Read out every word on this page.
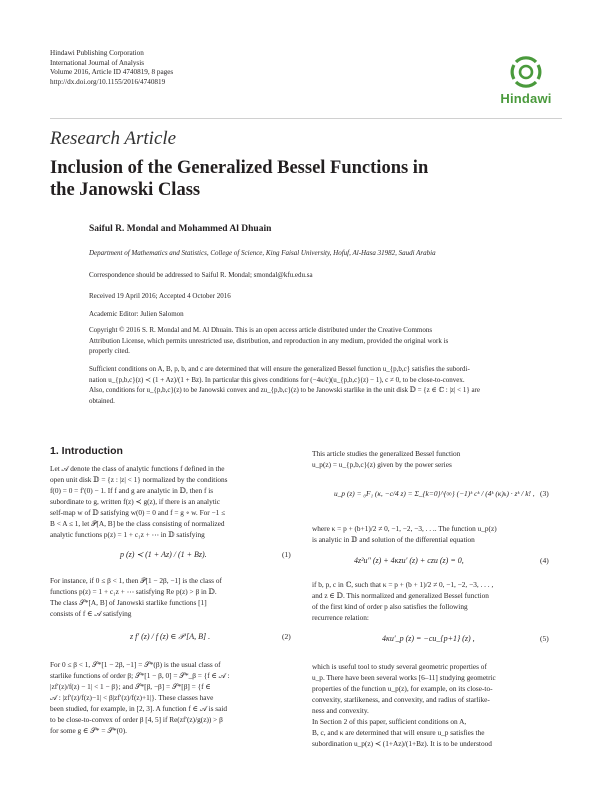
Hindawi Publishing Corporation
International Journal of Analysis
Volume 2016, Article ID 4740819, 8 pages
http://dx.doi.org/10.1155/2016/4740819
Hindawi
Research Article
Inclusion of the Generalized Bessel Functions in
the Janowski Class
Saiful R. Mondal and Mohammed Al Dhuain
Department of Mathematics and Statistics, College of Science, King Faisal University, Hofuf, Al-Hasa 31982, Saudi Arabia
Correspondence should be addressed to Saiful R. Mondal; smondal@kfu.edu.sa
Received 19 April 2016; Accepted 4 October 2016
Academic Editor: Julien Salomon
Copyright © 2016 S. R. Mondal and M. Al Dhuain. This is an open access article distributed under the Creative Commons
Attribution License, which permits unrestricted use, distribution, and reproduction in any medium, provided the original work is
properly cited.
Sufficient conditions on A, B, p, b, and c are determined that will ensure the generalized Bessel function u_{p,b,c} satisfies the subordi-
nation u_{p,b,c}(z) ≺ (1 + Az)/(1 + Bz). In particular this gives conditions for (−4κ/c)(u_{p,b,c}(z) − 1), c ≠ 0, to be close-to-convex.
Also, conditions for u_{p,b,c}(z) to be Janowski convex and zu_{p,b,c}(z) to be Janowski starlike in the unit disk 𝔻 = {z ∈ ℂ : |z| < 1} are
obtained.
1. Introduction
Let 𝒜 denote the class of analytic functions f defined in the
open unit disk 𝔻 = {z : |z| < 1} normalized by the conditions
f(0) = 0 = f′(0) − 1. If f and g are analytic in 𝔻, then f is
subordinate to g, written f(z) ≺ g(z), if there is an analytic
self-map w of 𝔻 satisfying w(0) = 0 and f = g ∘ w. For −1 ≤
B < A ≤ 1, let 𝒫[A, B] be the class consisting of normalized
analytic functions p(z) = 1 + c₁z + ⋯ in 𝔻 satisfying
p (z) ≺ (1 + Az) / (1 + Bz).	(1)
For instance, if 0 ≤ β < 1, then 𝒫[1 − 2β, −1] is the class of
functions p(z) = 1 + c₁z + ⋯ satisfying Re p(z) > β in 𝔻.
The class 𝒮*[A, B] of Janowski starlike functions [1]
consists of f ∈ 𝒜 satisfying
z f′ (z) / f (z) ∈ 𝒫 [A, B] .	(2)
For 0 ≤ β < 1, 𝒮*[1 − 2β, −1] = 𝒮*(β) is the usual class of
starlike functions of order β; 𝒮*[1 − β, 0] = 𝒮*_β = {f ∈ 𝒜 :
|zf′(z)/f(z) − 1| < 1 − β}; and 𝒮*[β, −β] = 𝒮*[β] = {f ∈
𝒜 : |zf′(z)/f(z)−1| < β|zf′(z)/f(z)+1|}. These classes have
been studied, for example, in [2, 3]. A function f ∈ 𝒜 is said
to be close-to-convex of order β [4, 5] if Re(zf′(z)/g(z)) > β
for some g ∈ 𝒮* = 𝒮*(0).
This article studies the generalized Bessel function
u_p(z) = u_{p,b,c}(z) given by the power series
u_p (z) = ₀F₁ (κ, −c/4 z) = Σ_{k=0}^{∞} (−1)ᵏ cᵏ / (4ᵏ (κ)ₖ) · zᵏ / k! , (3)
where κ = p + (b+1)/2 ≠ 0, −1, −2, −3, . . .. The function u_p(z)
is analytic in 𝔻 and solution of the differential equation
4z²u″ (z) + 4κzu′ (z) + czu (z) = 0,	(4)
if b, p, c in ℂ, such that κ = p + (b + 1)/2 ≠ 0, −1, −2, −3, . . . ,
and z ∈ 𝔻. This normalized and generalized Bessel function
of the first kind of order p also satisfies the following
recurrence relation:
4κu′_p (z) = −cu_{p+1} (z) ,	(5)
which is useful tool to study several geometric properties of
u_p. There have been several works [6–11] studying geometric
properties of the function u_p(z), for example, on its close-to-
convexity, starlikeness, and convexity, and radius of starlike-
ness and convexity.
In Section 2 of this paper, sufficient conditions on A,
B, c, and κ are determined that will ensure u_p satisfies the
subordination u_p(z) ≺ (1+Az)/(1+Bz). It is to be understood
